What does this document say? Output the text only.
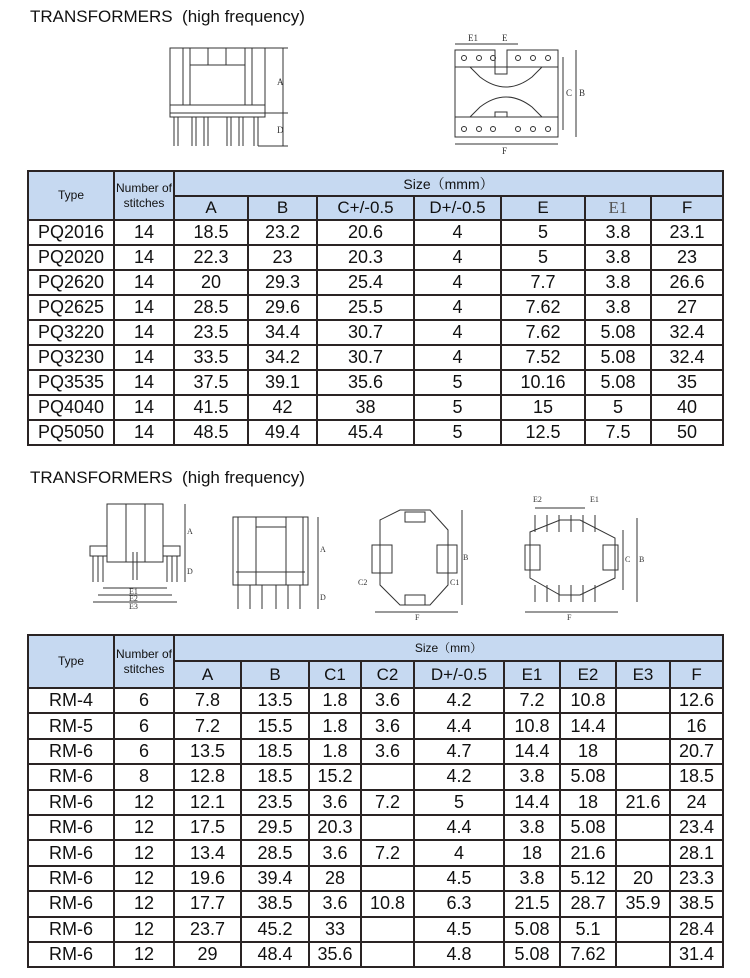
TRANSFORMERS  (high frequency)
A
D
E1	E
C B
F
Type	Number of stitches	Size（mmm）						
		A	B	C+/-0.5	D+/-0.5	E	E1	F
PQ2016	14	18.5	23.2	20.6	4	5	3.8	23.1
PQ2020	14	22.3	23	20.3	4	5	3.8	23
PQ2620	14	20	29.3	25.4	4	7.7	3.8	26.6
PQ2625	14	28.5	29.6	25.5	4	7.62	3.8	27
PQ3220	14	23.5	34.4	30.7	4	7.62	5.08	32.4
PQ3230	14	33.5	34.2	30.7	4	7.52	5.08	32.4
PQ3535	14	37.5	39.1	35.6	5	10.16	5.08	35
PQ4040	14	41.5	42	38	5	15	5	40
PQ5050	14	48.5	49.4	45.4	5	12.5	7.5	50
TRANSFORMERS  (high frequency)
A
D
E1
E2
E3
A
D
C2	C1
B
F
E2	E1
C B
F
Type	Number of stitches	Size（mm）								
		A	B	C1	C2	D+/-0.5	E1	E2	E3	F
RM-4	6	7.8	13.5	1.8	3.6	4.2	7.2	10.8		12.6
RM-5	6	7.2	15.5	1.8	3.6	4.4	10.8	14.4		16
RM-6	6	13.5	18.5	1.8	3.6	4.7	14.4	18		20.7
RM-6	8	12.8	18.5	15.2		4.2	3.8	5.08		18.5
RM-6	12	12.1	23.5	3.6	7.2	5	14.4	18	21.6	24
RM-6	12	17.5	29.5	20.3		4.4	3.8	5.08		23.4
RM-6	12	13.4	28.5	3.6	7.2	4	18	21.6		28.1
RM-6	12	19.6	39.4	28		4.5	3.8	5.12	20	23.3
RM-6	12	17.7	38.5	3.6	10.8	6.3	21.5	28.7	35.9	38.5
RM-6	12	23.7	45.2	33		4.5	5.08	5.1		28.4
RM-6	12	29	48.4	35.6		4.8	5.08	7.62		31.4
